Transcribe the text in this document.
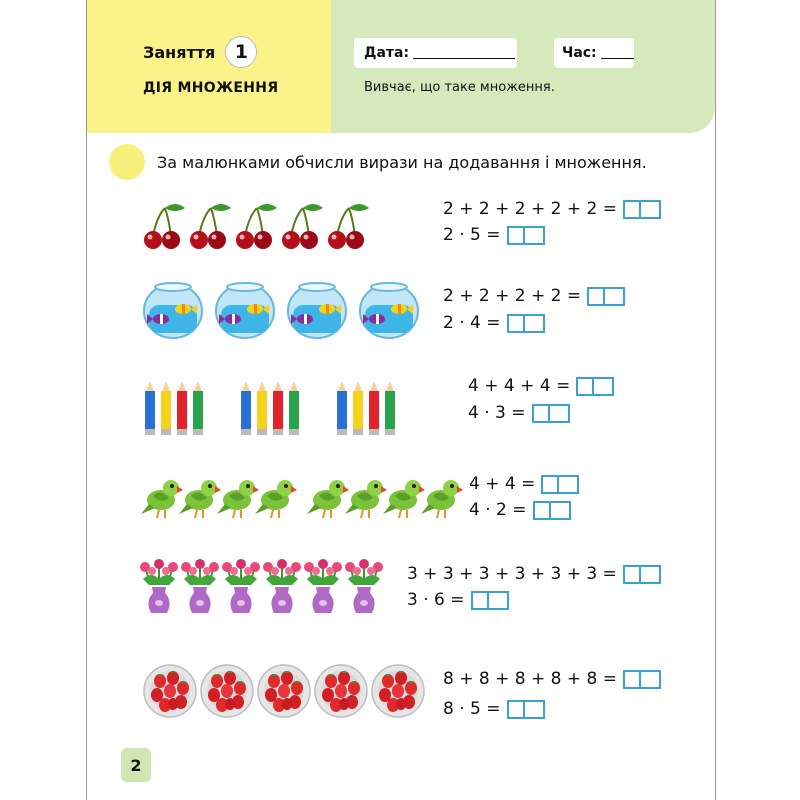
Заняття	1
ДІЯ МНОЖЕННЯ
Дата:	Час:
Вивчає, що таке множення.
За малюнками обчисли вирази на додавання і множення.
2 + 2 + 2 + 2 + 2 =
2 · 5 =
2 + 2 + 2 + 2 =
2 · 4 =
4 + 4 + 4 =
4 · 3 =
4 + 4 =
4 · 2 =
3 + 3 + 3 + 3 + 3 + 3 =
3 · 6 =
8 + 8 + 8 + 8 + 8 =
8 · 5 =
2
